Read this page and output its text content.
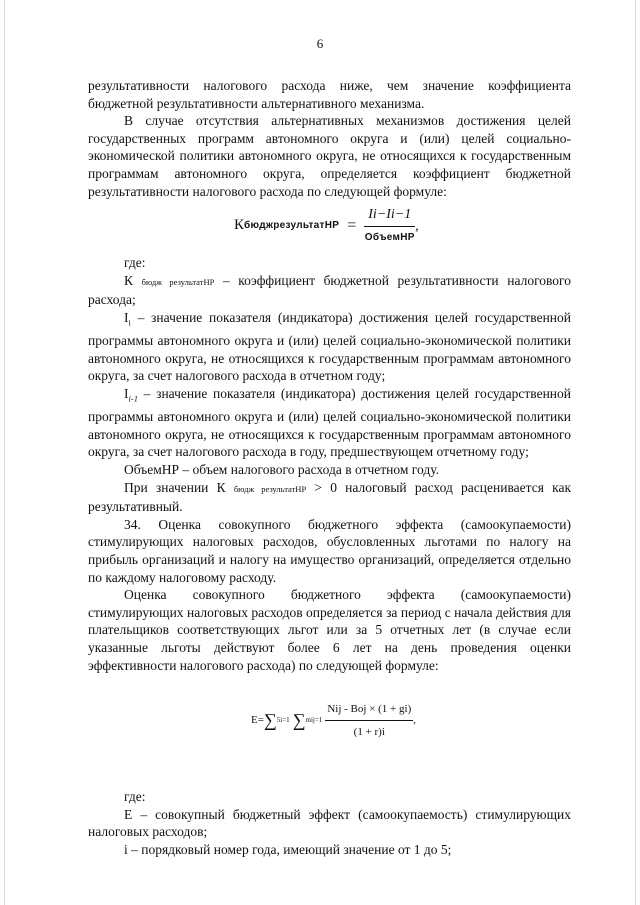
6

результативности налогового расхода ниже, чем значение коэффициента бюджетной результативности альтернативного механизма.

В случае отсутствия альтернативных механизмов достижения целей государственных программ автономного округа и (или) целей социально-экономической политики автономного округа, не относящихся к государственным программам автономного округа, определяется коэффициент бюджетной результативности налогового расхода по следующей формуле:

К бюджрезультатНР = $\frac{Ii-Ii-1}{\text{ОбъемНР}}$ ,

где:

К бюдж результатНР – коэффициент бюджетной результативности налогового расхода;

$I_i$ – значение показателя (индикатора) достижения целей государственной программы автономного округа и (или) целей социально-экономической политики автономного округа, не относящихся к государственным программам автономного округа, за счет налогового расхода в отчетном году;

$I_{i-1}$ – значение показателя (индикатора) достижения целей государственной программы автономного округа и (или) целей социально-экономической политики автономного округа, не относящихся к государственным программам автономного округа, за счет налогового расхода в году, предшествующем отчетному году;

ОбъемНР – объем налогового расхода в отчетном году.

При значении К бюдж результатНР > 0 налоговый расход расценивается как результативный.

34. Оценка совокупного бюджетного эффекта (самоокупаемости) стимулирующих налоговых расходов, обусловленных льготами по налогу на прибыль организаций и налогу на имущество организаций, определяется отдельно по каждому налоговому расходу.

Оценка совокупного бюджетного эффекта (самоокупаемости) стимулирующих налоговых расходов определяется за период с начала действия для плательщиков соответствующих льгот или за 5 отчетных лет (в случае если указанные льготы действуют более 6 лет на день проведения оценки эффективности налогового расхода) по следующей формуле:

E= ∑ 5 i=1 ∑ mi $j=1 \frac{\text{Nij - Boj × (1 + gi)}}{(1 + r)i}$ ,

где:

Е – совокупный бюджетный эффект (самоокупаемость) стимулирующих налоговых расходов;

i – порядковый номер года, имеющий значение от 1 до 5;
